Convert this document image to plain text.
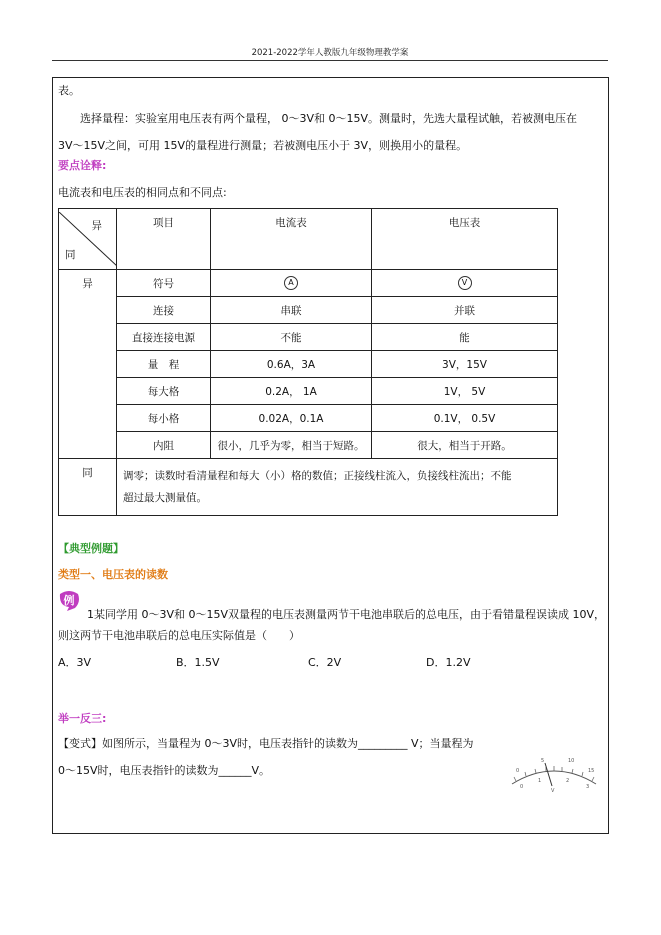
2021-2022学年人教版九年级物理教学案
表。
选择量程：实验室用电压表有两个量程， 0～3V和 0～15V。测量时，先选大量程试触，若被测电压在
3V～15V之间，可用 15V的量程进行测量；若被测电压小于 3V，则换用小的量程。
要点诠释:
电流表和电压表的相同点和不同点:
异
同	项目	电流表	电压表
异	符号	A	V
	连接	串联	并联
	直接连接电源	不能	能
	量　程	0.6A，3A	3V，15V
	每大格	0.2A， 1A	1V， 5V
	每小格	0.02A，0.1A	0.1V， 0.5V
	内阻	很小，几乎为零，相当于短路。	很大，相当于开路。
同	调零；读数时看清量程和每大（小）格的数值；正接线柱流入，负接线柱流出；不能
超过最大测量值。		
【典型例题】
类型一、电压表的读数
例
1某同学用 0～3V和 0～15V双量程的电压表测量两节干电池串联后的总电压，由于看错量程误读成 10V，
则这两节干电池串联后的总电压实际值是（　　）
A．3V	B．1.5V	C．2V	D．1.2V
举一反三:
【变式】如图所示，当量程为 0～3V时，电压表指针的读数为_________ V；当量程为
0～15V时，电压表指针的读数为______V。	0
5	10
15
0
1	2
3
V
